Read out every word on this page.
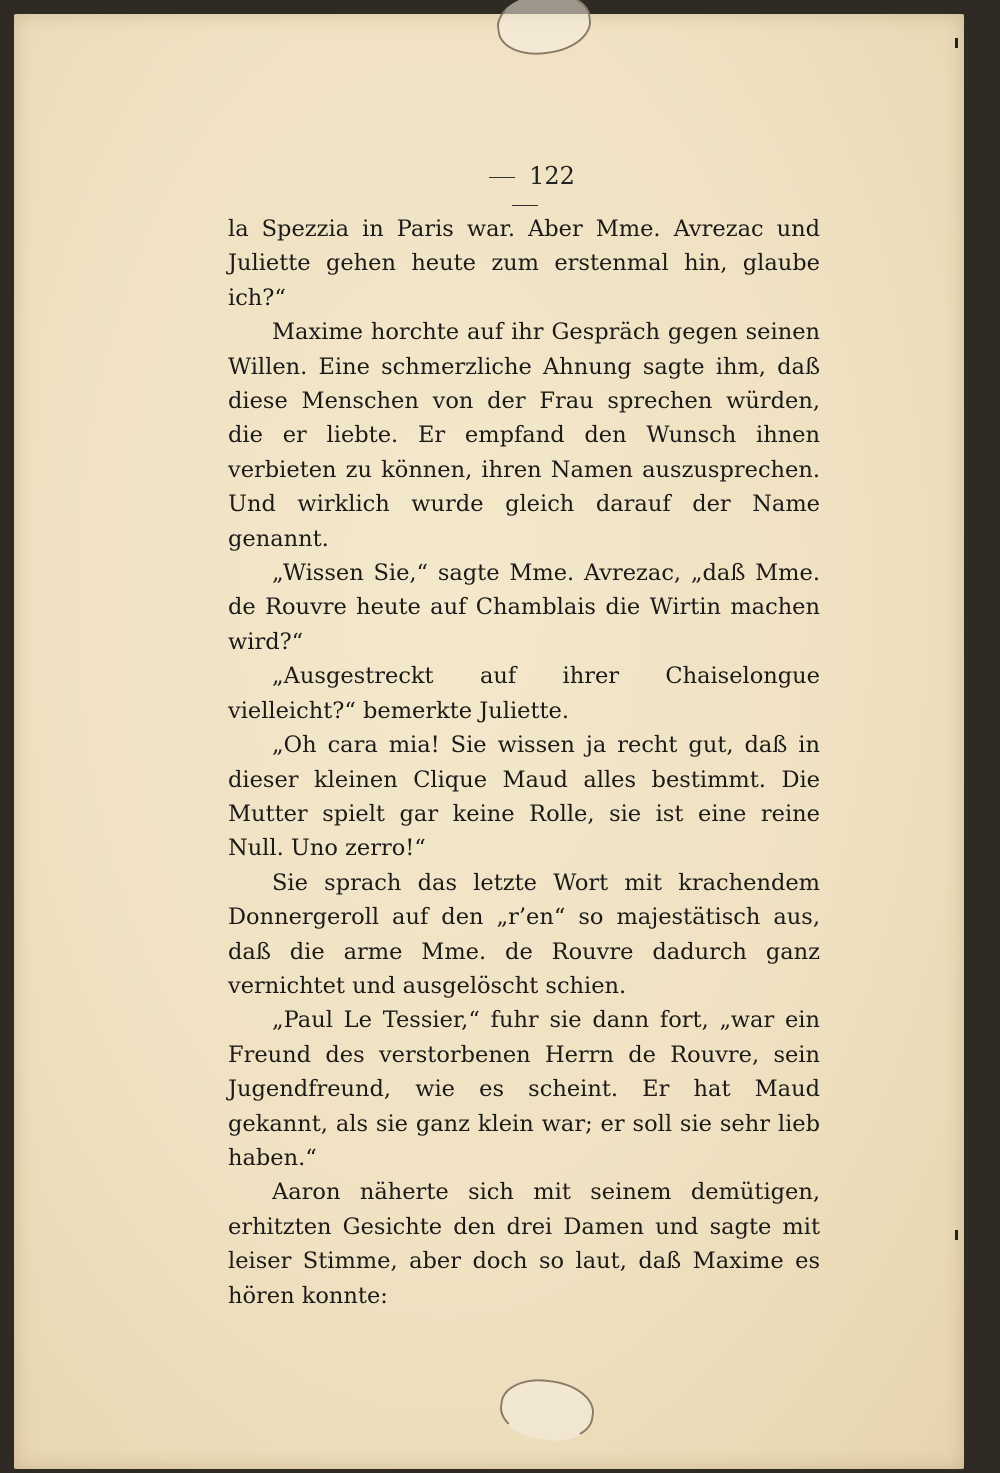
122

la Spezzia in Paris war. Aber Mme. Avrezac und Juliette gehen heute zum erstenmal hin, glaube ich?“

Maxime horchte auf ihr Gespräch gegen seinen Willen. Eine schmerzliche Ahnung sagte ihm, daß diese Menschen von der Frau sprechen würden, die er liebte. Er empfand den Wunsch ihnen verbieten zu können, ihren Namen auszusprechen. Und wirklich wurde gleich darauf der Name genannt.

„Wissen Sie,“ sagte Mme. Avrezac, „daß Mme. de Rouvre heute auf Chamblais die Wirtin machen wird?“

„Ausgestreckt auf ihrer Chaiselongue vielleicht?“ bemerkte Juliette.

„Oh cara mia! Sie wissen ja recht gut, daß in dieser kleinen Clique Maud alles bestimmt. Die Mutter spielt gar keine Rolle, sie ist eine reine Null. Uno zerro!“

Sie sprach das letzte Wort mit krachendem Donnergeroll auf den „r’en“ so majestätisch aus, daß die arme Mme. de Rouvre dadurch ganz vernichtet und ausgelöscht schien.

„Paul Le Tessier,“ fuhr sie dann fort, „war ein Freund des verstorbenen Herrn de Rouvre, sein Jugendfreund, wie es scheint. Er hat Maud gekannt, als sie ganz klein war; er soll sie sehr lieb haben.“

Aaron näherte sich mit seinem demütigen, erhitzten Gesichte den drei Damen und sagte mit leiser Stimme, aber doch so laut, daß Maxime es hören konnte:
